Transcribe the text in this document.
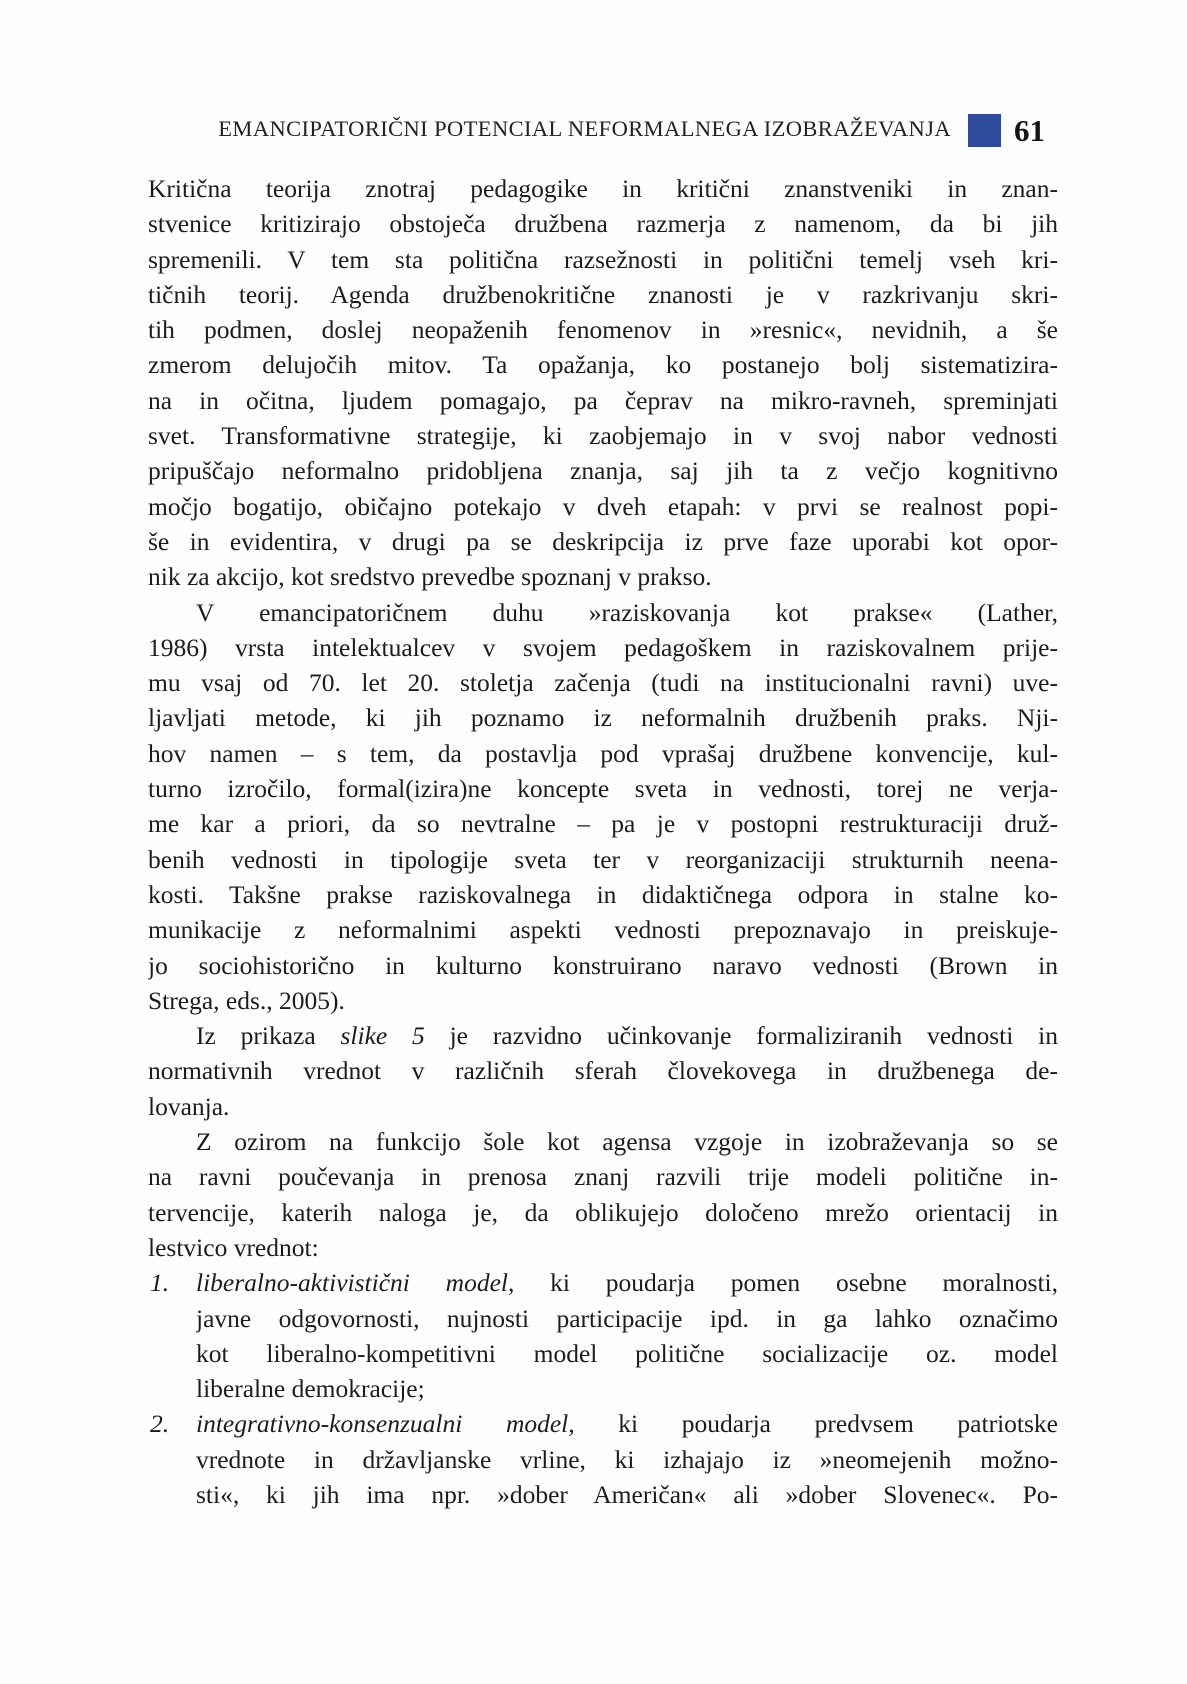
EMANCIPATORIČNI POTENCIAL NEFORMALNEGA IZOBRAŽEVANJA 61
Kritična teorija znotraj pedagogike in kritični znanstveniki in znan-
stvenice kritizirajo obstoječa družbena razmerja z namenom, da bi jih
spremenili. V tem sta politična razsežnosti in politični temelj vseh kri-
tičnih teorij. Agenda družbenokritične znanosti je v razkrivanju skri-
tih podmen, doslej neopaženih fenomenov in »resnic«, nevidnih, a še
zmerom delujočih mitov. Ta opažanja, ko postanejo bolj sistematizira-
na in očitna, ljudem pomagajo, pa čeprav na mikro-ravneh, spreminjati
svet. Transformativne strategije, ki zaobjemajo in v svoj nabor vednosti
pripuščajo neformalno pridobljena znanja, saj jih ta z večjo kognitivno
močjo bogatijo, običajno potekajo v dveh etapah: v prvi se realnost popi-
še in evidentira, v drugi pa se deskripcija iz prve faze uporabi kot opor-
nik za akcijo, kot sredstvo prevedbe spoznanj v prakso.
V emancipatoričnem duhu »raziskovanja kot prakse« (Lather,
1986) vrsta intelektualcev v svojem pedagoškem in raziskovalnem prije-
mu vsaj od 70. let 20. stoletja začenja (tudi na institucionalni ravni) uve-
ljavljati metode, ki jih poznamo iz neformalnih družbenih praks. Nji-
hov namen – s tem, da postavlja pod vprašaj družbene konvencije, kul-
turno izročilo, formal(izira)ne koncepte sveta in vednosti, torej ne verja-
me kar a priori, da so nevtralne – pa je v postopni restrukturaciji druž-
benih vednosti in tipologije sveta ter v reorganizaciji strukturnih neena-
kosti. Takšne prakse raziskovalnega in didaktičnega odpora in stalne ko-
munikacije z neformalnimi aspekti vednosti prepoznavajo in preiskuje-
jo sociohistorično in kulturno konstruirano naravo vednosti (Brown in
Strega, eds., 2005).
Iz prikaza slike 5 je razvidno učinkovanje formaliziranih vednosti in
normativnih vrednot v različnih sferah človekovega in družbenega de-
lovanja.
Z ozirom na funkcijo šole kot agensa vzgoje in izobraževanja so se
na ravni poučevanja in prenosa znanj razvili trije modeli politične in-
tervencije, katerih naloga je, da oblikujejo določeno mrežo orientacij in
lestvico vrednot:
1. liberalno-aktivistični model, ki poudarja pomen osebne moralnosti,
javne odgovornosti, nujnosti participacije ipd. in ga lahko označimo
kot liberalno-kompetitivni model politične socializacije oz. model
liberalne demokracije;
2. integrativno-konsenzualni model, ki poudarja predvsem patriotske
vrednote in državljanske vrline, ki izhajajo iz »neomejenih možno-
sti«, ki jih ima npr. »dober Američan« ali »dober Slovenec«. Po-
